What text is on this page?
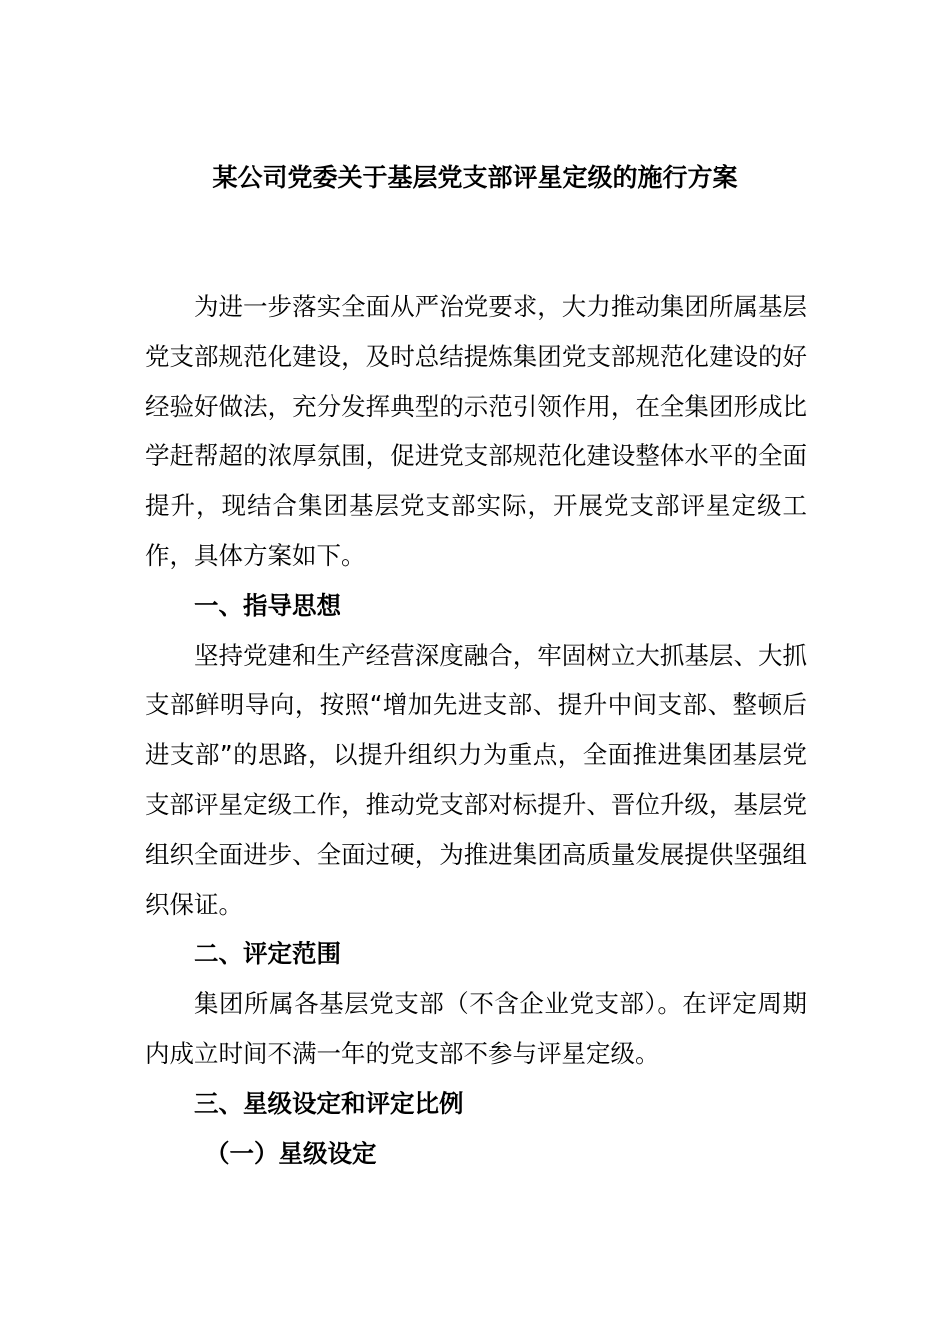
某公司党委关于基层党支部评星定级的施行方案

为进一步落实全面从严治党要求，大力推动集团所属基层党支部规范化建设，及时总结提炼集团党支部规范化建设的好经验好做法，充分发挥典型的示范引领作用，在全集团形成比学赶帮超的浓厚氛围，促进党支部规范化建设整体水平的全面提升，现结合集团基层党支部实际，开展党支部评星定级工作，具体方案如下。

一、指导思想

坚持党建和生产经营深度融合，牢固树立大抓基层、大抓支部鲜明导向，按照“增加先进支部、提升中间支部、整顿后进支部”的思路，以提升组织力为重点，全面推进集团基层党支部评星定级工作，推动党支部对标提升、晋位升级，基层党组织全面进步、全面过硬，为推进集团高质量发展提供坚强组织保证。

二、评定范围

集团所属各基层党支部（不含企业党支部）。在评定周期内成立时间不满一年的党支部不参与评星定级。

三、星级设定和评定比例

（一）星级设定
